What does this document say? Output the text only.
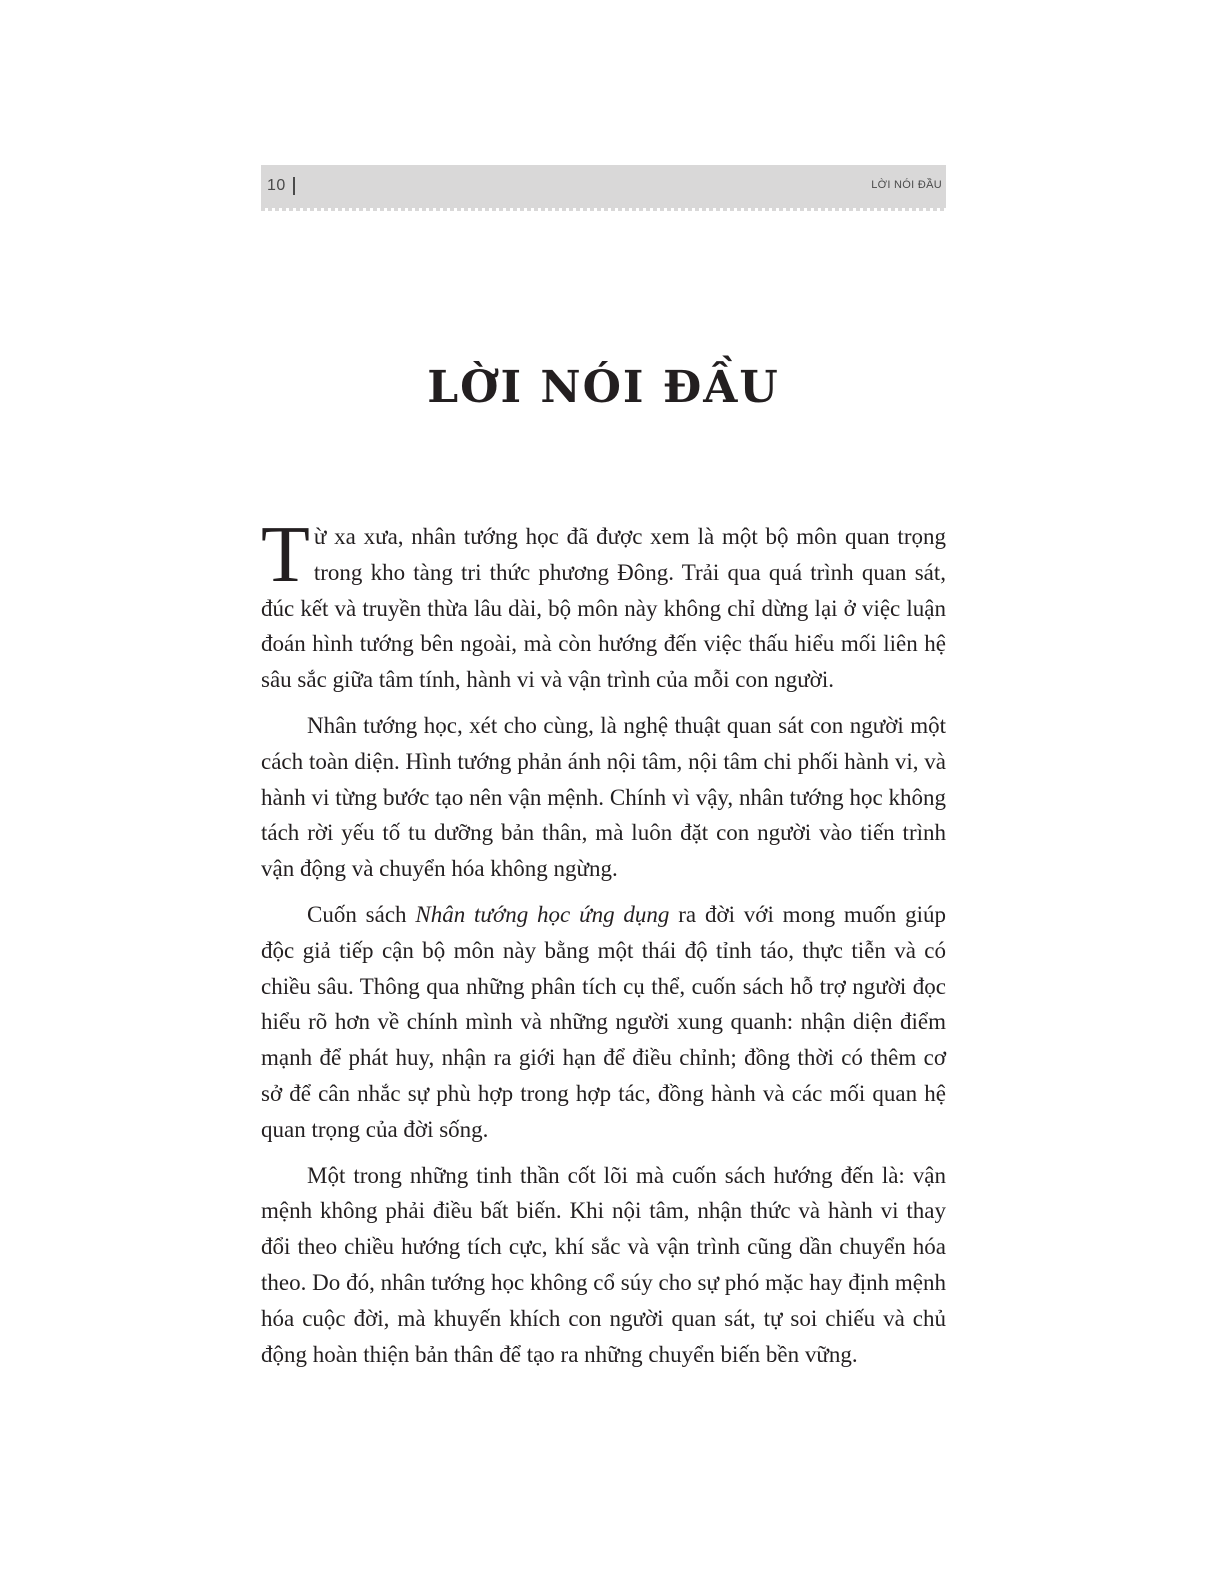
10	LỜI NÓI ĐẦU
LỜI NÓI ĐẦU

Từ xa xưa, nhân tướng học đã được xem là một bộ môn quan trọng trong kho tàng tri thức phương Đông. Trải qua quá trình quan sát, đúc kết và truyền thừa lâu dài, bộ môn này không chỉ dừng lại ở việc luận đoán hình tướng bên ngoài, mà còn hướng đến việc thấu hiểu mối liên hệ sâu sắc giữa tâm tính, hành vi và vận trình của mỗi con người.

Nhân tướng học, xét cho cùng, là nghệ thuật quan sát con người một cách toàn diện. Hình tướng phản ánh nội tâm, nội tâm chi phối hành vi, và hành vi từng bước tạo nên vận mệnh. Chính vì vậy, nhân tướng học không tách rời yếu tố tu dưỡng bản thân, mà luôn đặt con người vào tiến trình vận động và chuyển hóa không ngừng.

Cuốn sách Nhân tướng học ứng dụng ra đời với mong muốn giúp độc giả tiếp cận bộ môn này bằng một thái độ tỉnh táo, thực tiễn và có chiều sâu. Thông qua những phân tích cụ thể, cuốn sách hỗ trợ người đọc hiểu rõ hơn về chính mình và những người xung quanh: nhận diện điểm mạnh để phát huy, nhận ra giới hạn để điều chỉnh; đồng thời có thêm cơ sở để cân nhắc sự phù hợp trong hợp tác, đồng hành và các mối quan hệ quan trọng của đời sống.

Một trong những tinh thần cốt lõi mà cuốn sách hướng đến là: vận mệnh không phải điều bất biến. Khi nội tâm, nhận thức và hành vi thay đổi theo chiều hướng tích cực, khí sắc và vận trình cũng dần chuyển hóa theo. Do đó, nhân tướng học không cổ súy cho sự phó mặc hay định mệnh hóa cuộc đời, mà khuyến khích con người quan sát, tự soi chiếu và chủ động hoàn thiện bản thân để tạo ra những chuyển biến bền vững.
